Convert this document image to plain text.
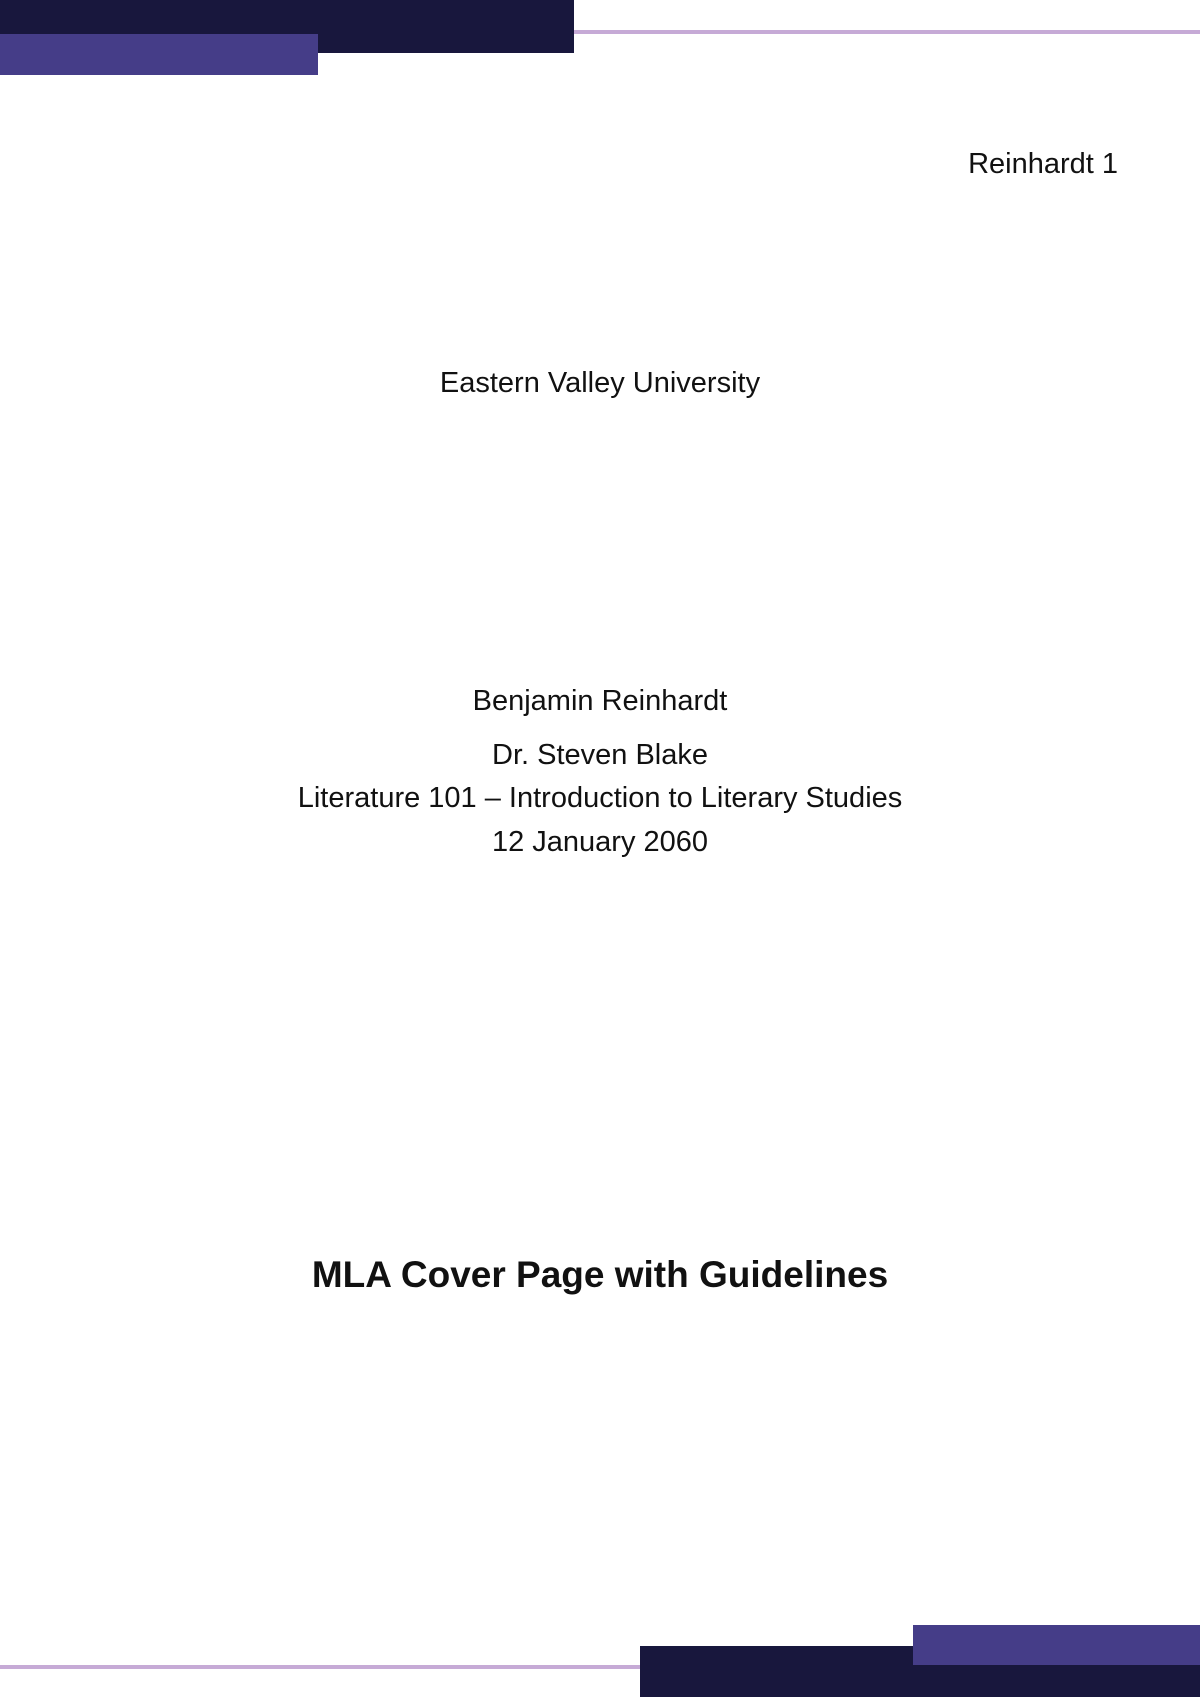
Reinhardt 1
Eastern Valley University
Benjamin Reinhardt
Dr. Steven Blake
Literature 101 – Introduction to Literary Studies
12 January 2060
MLA Cover Page with Guidelines
